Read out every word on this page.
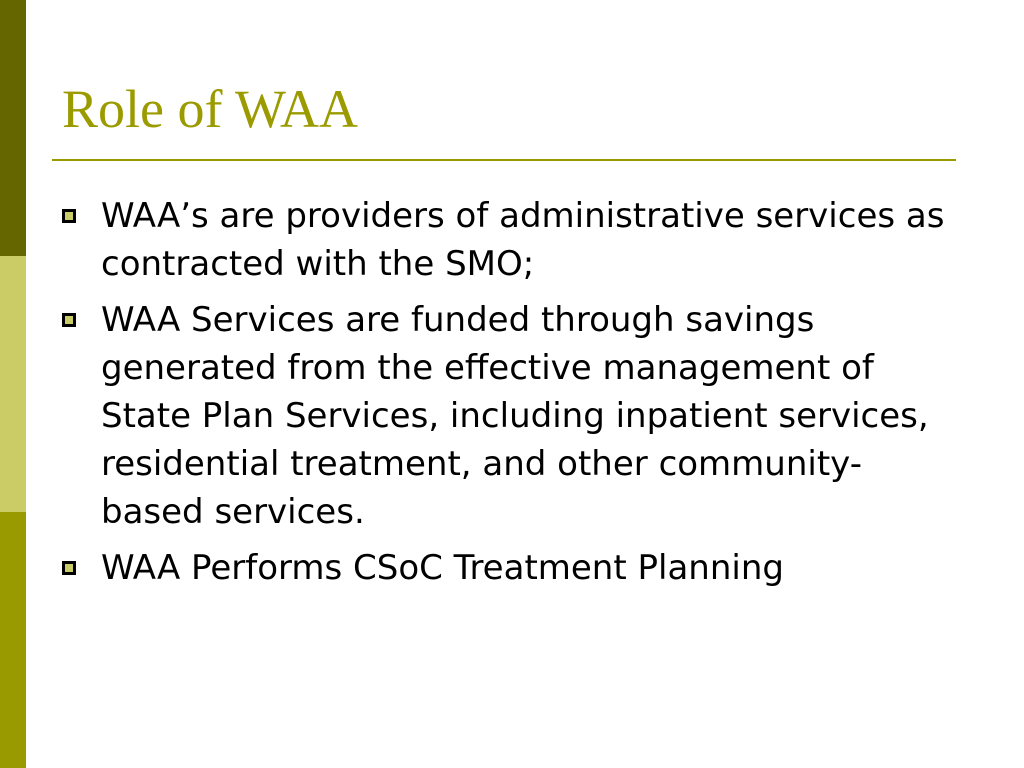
Role of WAA
WAA’s are providers of administrative services as contracted with the SMO;
WAA Services are funded through savings generated from the effective management of State Plan Services, including inpatient services, residential treatment, and other community-based services.
WAA Performs CSoC Treatment Planning
